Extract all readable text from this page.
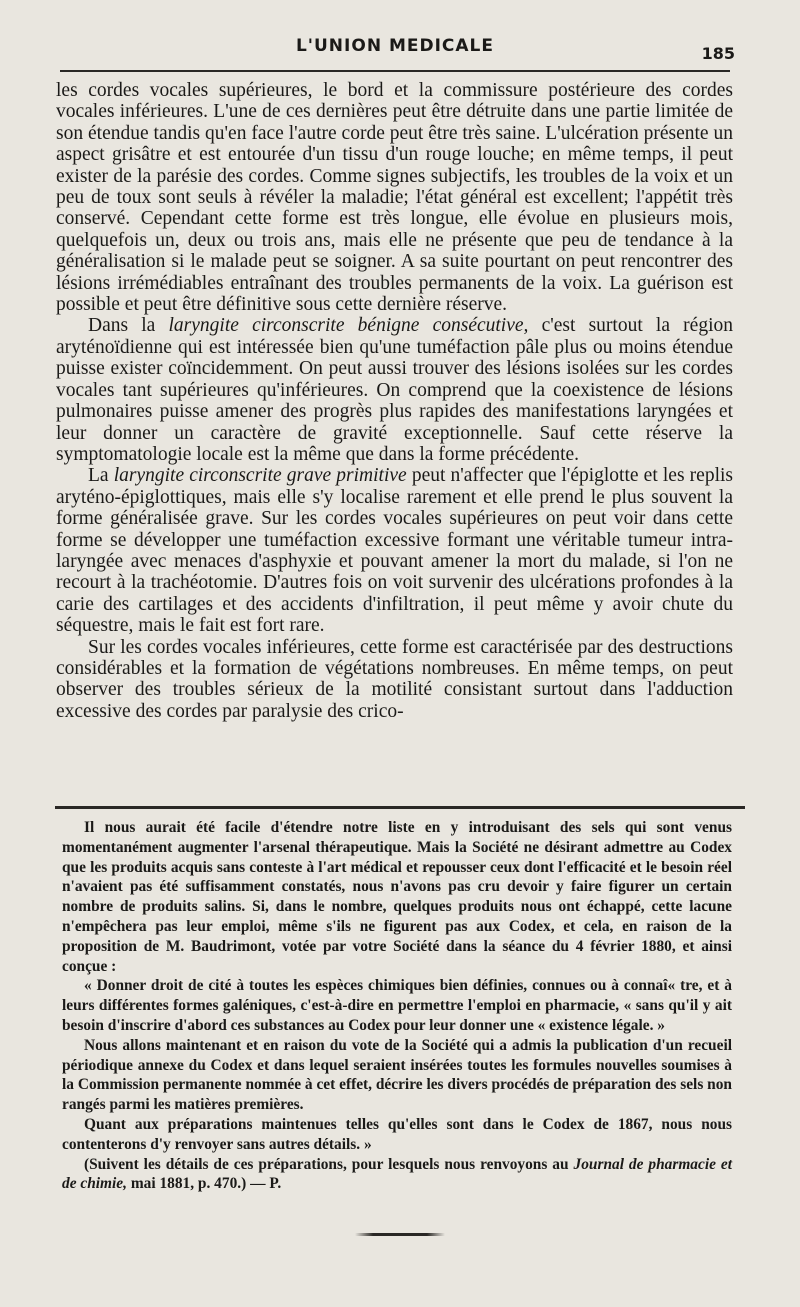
L'UNION MEDICALE	185

les cordes vocales supérieures, le bord et la commissure postérieure des cordes vocales inférieures. L'une de ces dernières peut être détruite dans une partie limitée de son étendue tandis qu'en face l'autre corde peut être très saine. L'ulcération présente un aspect grisâtre et est entourée d'un tissu d'un rouge louche; en même temps, il peut exister de la parésie des cordes. Comme signes subjectifs, les troubles de la voix et un peu de toux sont seuls à révéler la maladie; l'état général est excellent; l'appétit très conservé. Cependant cette forme est très longue, elle évolue en plusieurs mois, quelquefois un, deux ou trois ans, mais elle ne présente que peu de tendance à la généralisation si le malade peut se soigner. A sa suite pourtant on peut rencontrer des lésions irrémédiables entraînant des troubles permanents de la voix. La guérison est possible et peut être définitive sous cette dernière réserve.

Dans la laryngite circonscrite bénigne consécutive, c'est surtout la région aryténoïdienne qui est intéressée bien qu'une tuméfaction pâle plus ou moins étendue puisse exister coïncidemment. On peut aussi trouver des lésions isolées sur les cordes vocales tant supérieures qu'inférieures. On comprend que la coexistence de lésions pulmonaires puisse amener des progrès plus rapides des manifestations laryngées et leur donner un caractère de gravité exceptionnelle. Sauf cette réserve la symptomatologie locale est la même que dans la forme précédente.

La laryngite circonscrite grave primitive peut n'affecter que l'épiglotte et les replis aryténo-épiglottiques, mais elle s'y localise rarement et elle prend le plus souvent la forme généralisée grave. Sur les cordes vocales supérieures on peut voir dans cette forme se développer une tuméfaction excessive formant une véritable tumeur intra-laryngée avec menaces d'asphyxie et pouvant amener la mort du malade, si l'on ne recourt à la trachéotomie. D'autres fois on voit survenir des ulcérations profondes à la carie des cartilages et des accidents d'infiltration, il peut même y avoir chute du séquestre, mais le fait est fort rare.

Sur les cordes vocales inférieures, cette forme est caractérisée par des destructions considérables et la formation de végétations nombreuses. En même temps, on peut observer des troubles sérieux de la motilité consistant surtout dans l'adduction excessive des cordes par paralysie des crico-

Il nous aurait été facile d'étendre notre liste en y introduisant des sels qui sont venus momentanément augmenter l'arsenal thérapeutique. Mais la Société ne désirant admettre au Codex que les produits acquis sans conteste à l'art médical et repousser ceux dont l'efficacité et le besoin réel n'avaient pas été suffisamment constatés, nous n'avons pas cru devoir y faire figurer un certain nombre de produits salins. Si, dans le nombre, quelques produits nous ont échappé, cette lacune n'empêchera pas leur emploi, même s'ils ne figurent pas aux Codex, et cela, en raison de la proposition de M. Baudrimont, votée par votre Société dans la séance du 4 février 1880, et ainsi conçue :

« Donner droit de cité à toutes les espèces chimiques bien définies, connues ou à connaî« tre, et à leurs différentes formes galéniques, c'est-à-dire en permettre l'emploi en pharmacie, « sans qu'il y ait besoin d'inscrire d'abord ces substances au Codex pour leur donner une « existence légale. »

Nous allons maintenant et en raison du vote de la Société qui a admis la publication d'un recueil périodique annexe du Codex et dans lequel seraient insérées toutes les formules nouvelles soumises à la Commission permanente nommée à cet effet, décrire les divers procédés de préparation des sels non rangés parmi les matières premières.

Quant aux préparations maintenues telles qu'elles sont dans le Codex de 1867, nous nous contenterons d'y renvoyer sans autres détails. »

(Suivent les détails de ces préparations, pour lesquels nous renvoyons au Journal de pharmacie et de chimie, mai 1881, p. 470.) — P.
